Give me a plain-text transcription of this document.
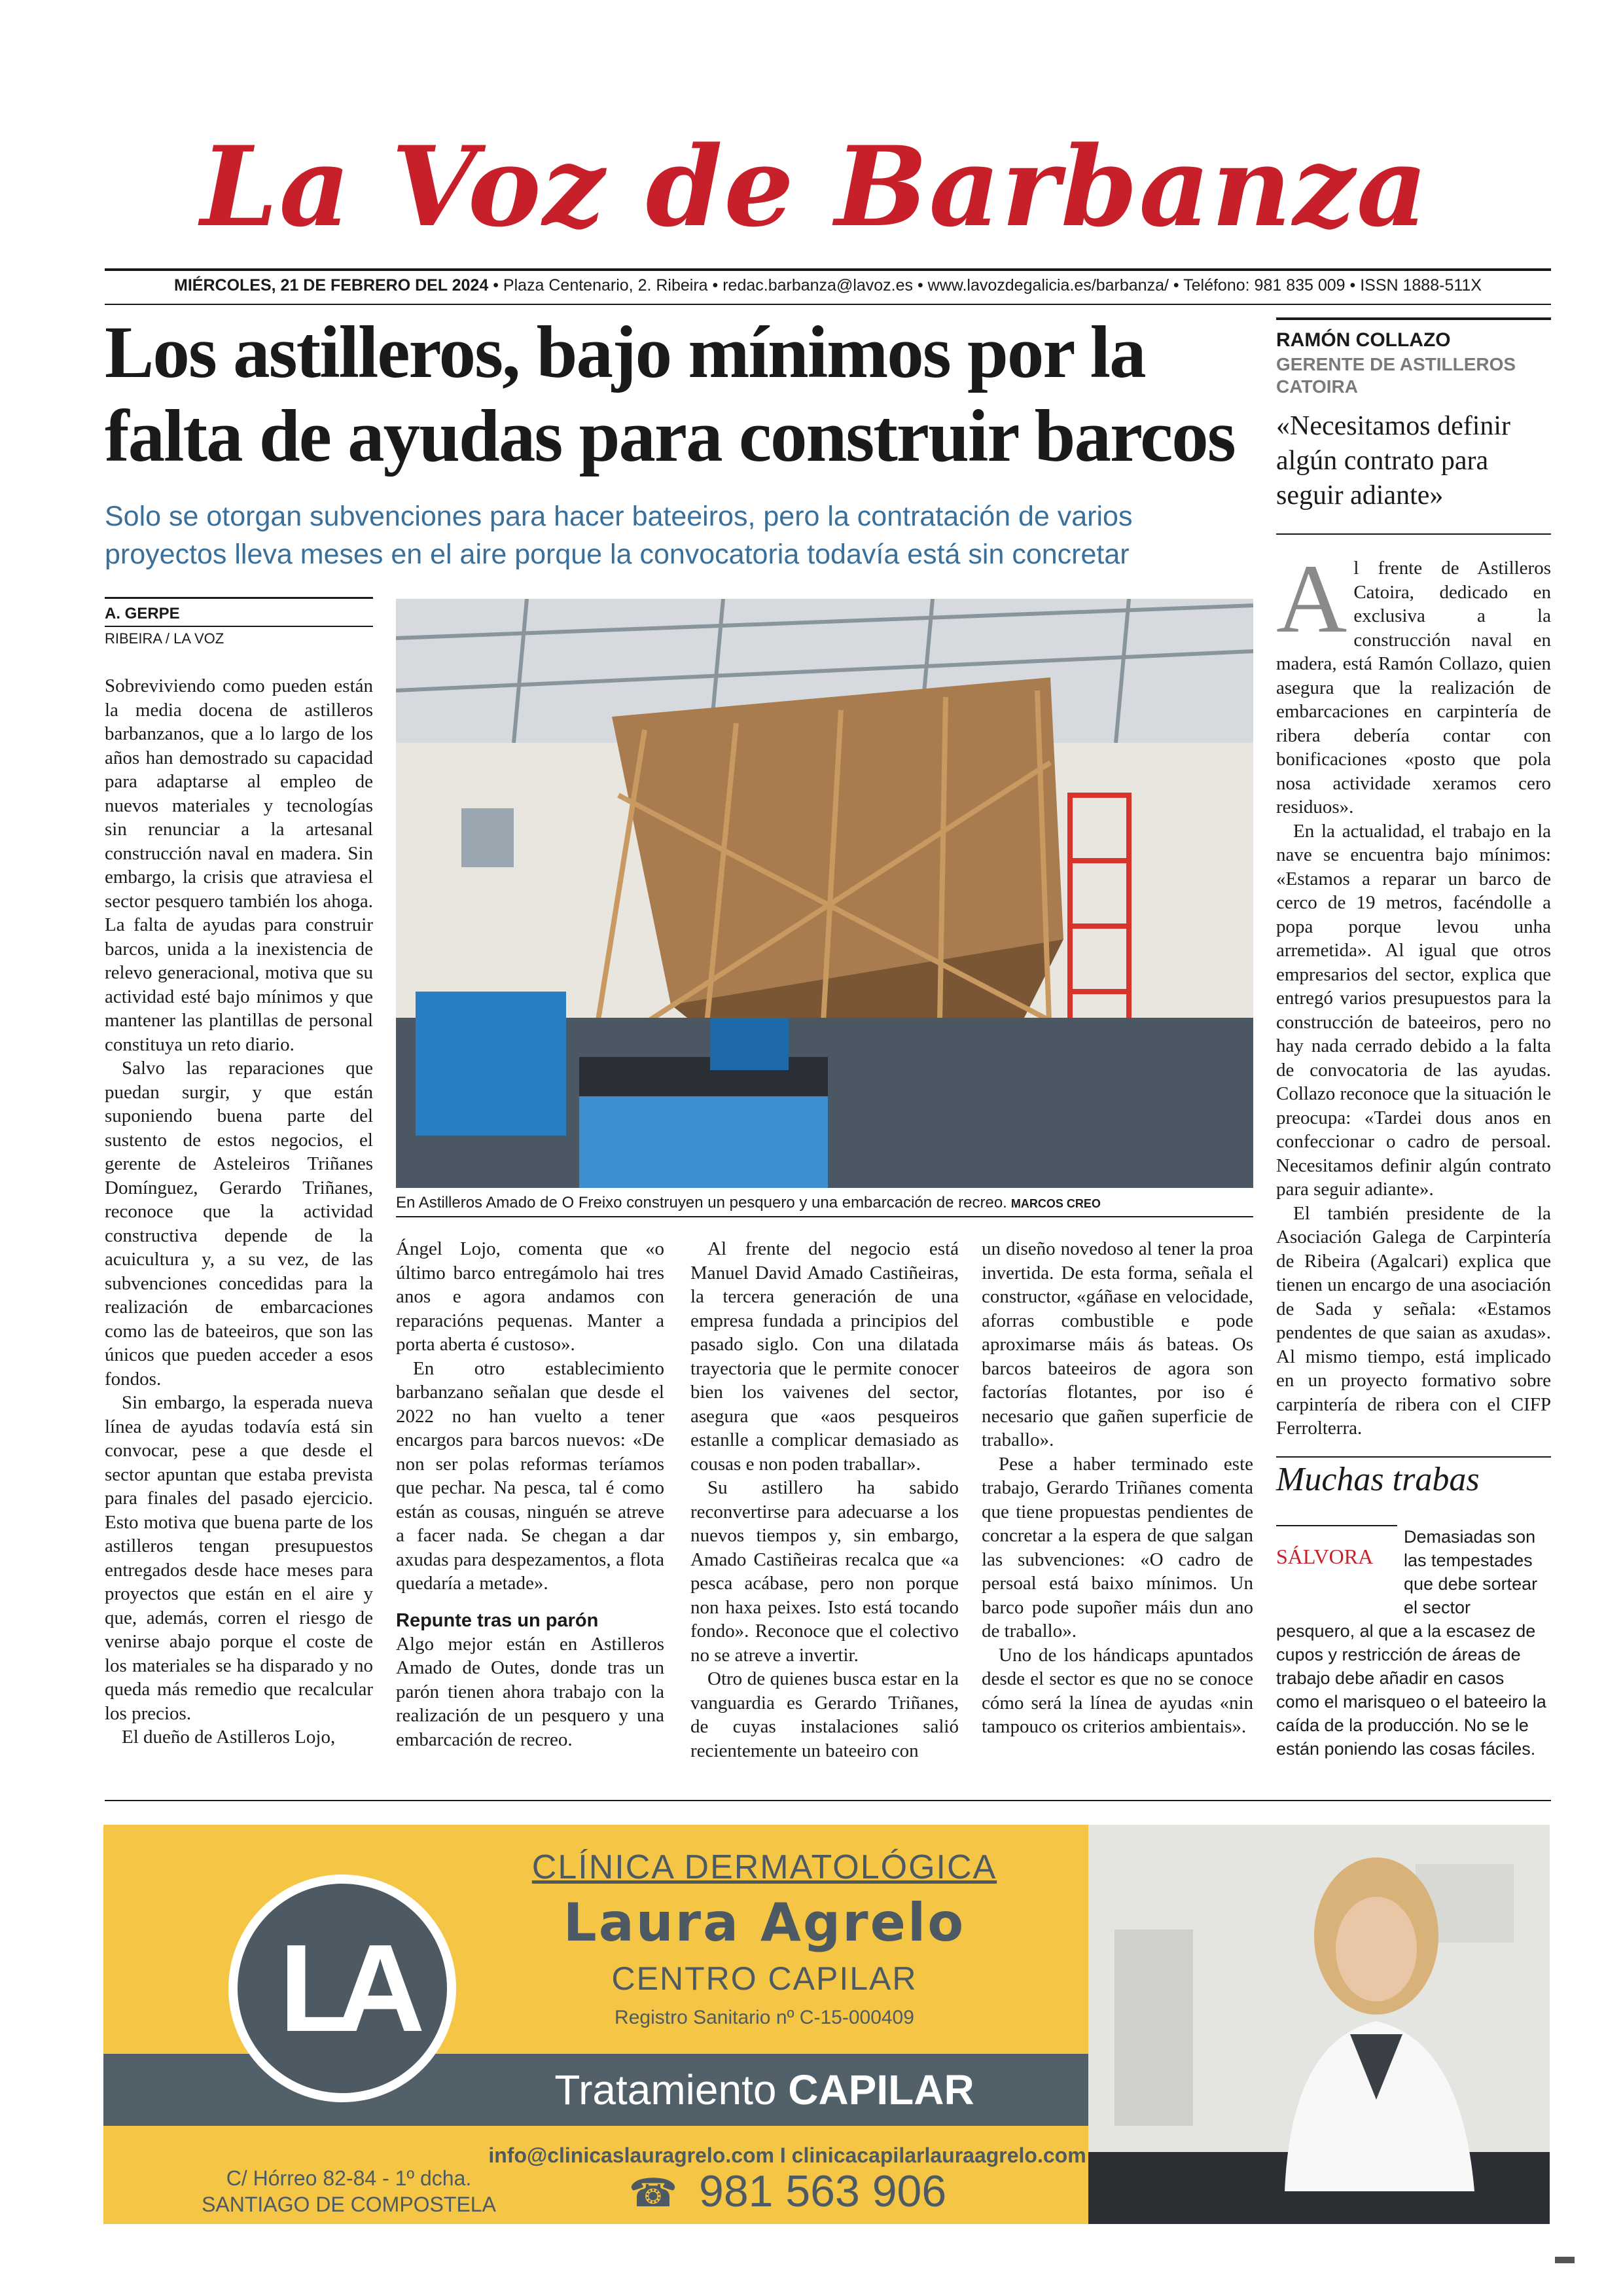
La Voz de Barbanza
MIÉRCOLES, 21 DE FEBRERO DEL 2024 • Plaza Centenario, 2. Ribeira • redac.barbanza@lavoz.es • www.lavozdegalicia.es/barbanza/ • Teléfono: 981 835 009 • ISSN 1888-511X
Los astilleros, bajo mínimos por la falta de ayudas para construir barcos
Solo se otorgan subvenciones para hacer bateeiros, pero la contratación de varios proyectos lleva meses en el aire porque la convocatoria todavía está sin concretar
A. GERPE
RIBEIRA / LA VOZ

Sobreviviendo como pueden están la media docena de astilleros barbanzanos, que a lo largo de los años han demostrado su capacidad para adaptarse al empleo de nuevos materiales y tecnologías sin renunciar a la artesanal construcción naval en madera. Sin embargo, la crisis que atraviesa el sector pesquero también los ahoga. La falta de ayudas para construir barcos, unida a la inexistencia de relevo generacional, motiva que su actividad esté bajo mínimos y que mantener las plantillas de personal constituya un reto diario.

Salvo las reparaciones que puedan surgir, y que están suponiendo buena parte del sustento de estos negocios, el gerente de Asteleiros Triñanes Domínguez, Gerardo Triñanes, reconoce que la actividad constructiva depende de la acuicultura y, a su vez, de las subvenciones concedidas para la realización de embarcaciones como las de bateeiros, que son las únicos que pueden acceder a esos fondos.

Sin embargo, la esperada nueva línea de ayudas todavía está sin convocar, pese a que desde el sector apuntan que estaba prevista para finales del pasado ejercicio. Esto motiva que buena parte de los astilleros tengan presupuestos entregados desde hace meses para proyectos que están en el aire y que, además, corren el riesgo de venirse abajo porque el coste de los materiales se ha disparado y no queda más remedio que recalcular los precios.

El dueño de Astilleros Lojo,

En Astilleros Amado de O Freixo construyen un pesquero y una embarcación de recreo. MARCOS CREO

Ángel Lojo, comenta que «o último barco entregámolo hai tres anos e agora andamos con reparacións pequenas. Manter a porta aberta é custoso».

En otro establecimiento barbanzano señalan que desde el 2022 no han vuelto a tener encargos para barcos nuevos: «De non ser polas reformas teríamos que pechar. Na pesca, tal é como están as cousas, ninguén se atreve a facer nada. Se chegan a dar axudas para despezamentos, a flota quedaría a metade».

Repunte tras un parón

Algo mejor están en Astilleros Amado de Outes, donde tras un parón tienen ahora trabajo con la realización de un pesquero y una embarcación de recreo.

Al frente del negocio está Manuel David Amado Castiñeiras, la tercera generación de una empresa fundada a principios del pasado siglo. Con una dilatada trayectoria que le permite conocer bien los vaivenes del sector, asegura que «aos pesqueiros estanlle a complicar demasiado as cousas e non poden traballar».

Su astillero ha sabido reconvertirse para adecuarse a los nuevos tiempos y, sin embargo, Amado Castiñeiras recalca que «a pesca acábase, pero non porque non haxa peixes. Isto está tocando fondo». Reconoce que el colectivo no se atreve a invertir.

Otro de quienes busca estar en la vanguardia es Gerardo Triñanes, de cuyas instalaciones salió recientemente un bateeiro con

un diseño novedoso al tener la proa invertida. De esta forma, señala el constructor, «gáñase en velocidade, aforras combustible e pode aproximarse máis ás bateas. Os barcos bateeiros de agora son factorías flotantes, por iso é necesario que gañen superficie de traballo».

Pese a haber terminado este trabajo, Gerardo Triñanes comenta que tiene propuestas pendientes de concretar a la espera de que salgan las subvenciones: «O cadro de persoal está baixo mínimos. Un barco pode supoñer máis dun ano de traballo».

Uno de los hándicaps apuntados desde el sector es que no se conoce cómo será la línea de ayudas «nin tampouco os criterios ambientais».

RAMÓN COLLAZO
GERENTE DE ASTILLEROS CATOIRA
«Necesitamos definir algún contrato para seguir adiante»

Al frente de Astilleros Catoira, dedicado en exclusiva a la construcción naval en madera, está Ramón Collazo, quien asegura que la realización de embarcaciones en carpintería de ribera debería contar con bonificaciones «posto que pola nosa actividade xeramos cero residuos».

En la actualidad, el trabajo en la nave se encuentra bajo mínimos: «Estamos a reparar un barco de cerco de 19 metros, facéndolle a popa porque levou unha arremetida». Al igual que otros empresarios del sector, explica que entregó varios presupuestos para la construcción de bateeiros, pero no hay nada cerrado debido a la falta de convocatoria de las ayudas. Collazo reconoce que la situación le preocupa: «Tardei dous anos en confeccionar o cadro de persoal. Necesitamos definir algún contrato para seguir adiante».

El también presidente de la Asociación Galega de Carpintería de Ribeira (Agalcari) explica que tienen un encargo de una asociación de Sada y señala: «Estamos pendentes de que saian as axudas». Al mismo tiempo, está implicado en un proyecto formativo sobre carpintería de ribera con el CIFP Ferrolterra.

Muchas trabas
Demasiadas son las tempestades que debe sortear el sector pesquero, al que a la escasez de cupos y restricción de áreas de trabajo debe añadir en casos como el marisqueo o el bateeiro la caída de la producción. No se le están poniendo las cosas fáciles.
SÁLVORA
LA
CLÍNICA DERMATOLÓGICA
Laura Agrelo
CENTRO CAPILAR
Registro Sanitario nº C-15-000409
Tratamiento CAPILAR
info@clinicaslauragrelo.com I clinicacapilarlauraagrelo.com
C/ Hórreo 82-84 - 1º dcha.
SANTIAGO DE COMPOSTELA	☎ 981 563 906
